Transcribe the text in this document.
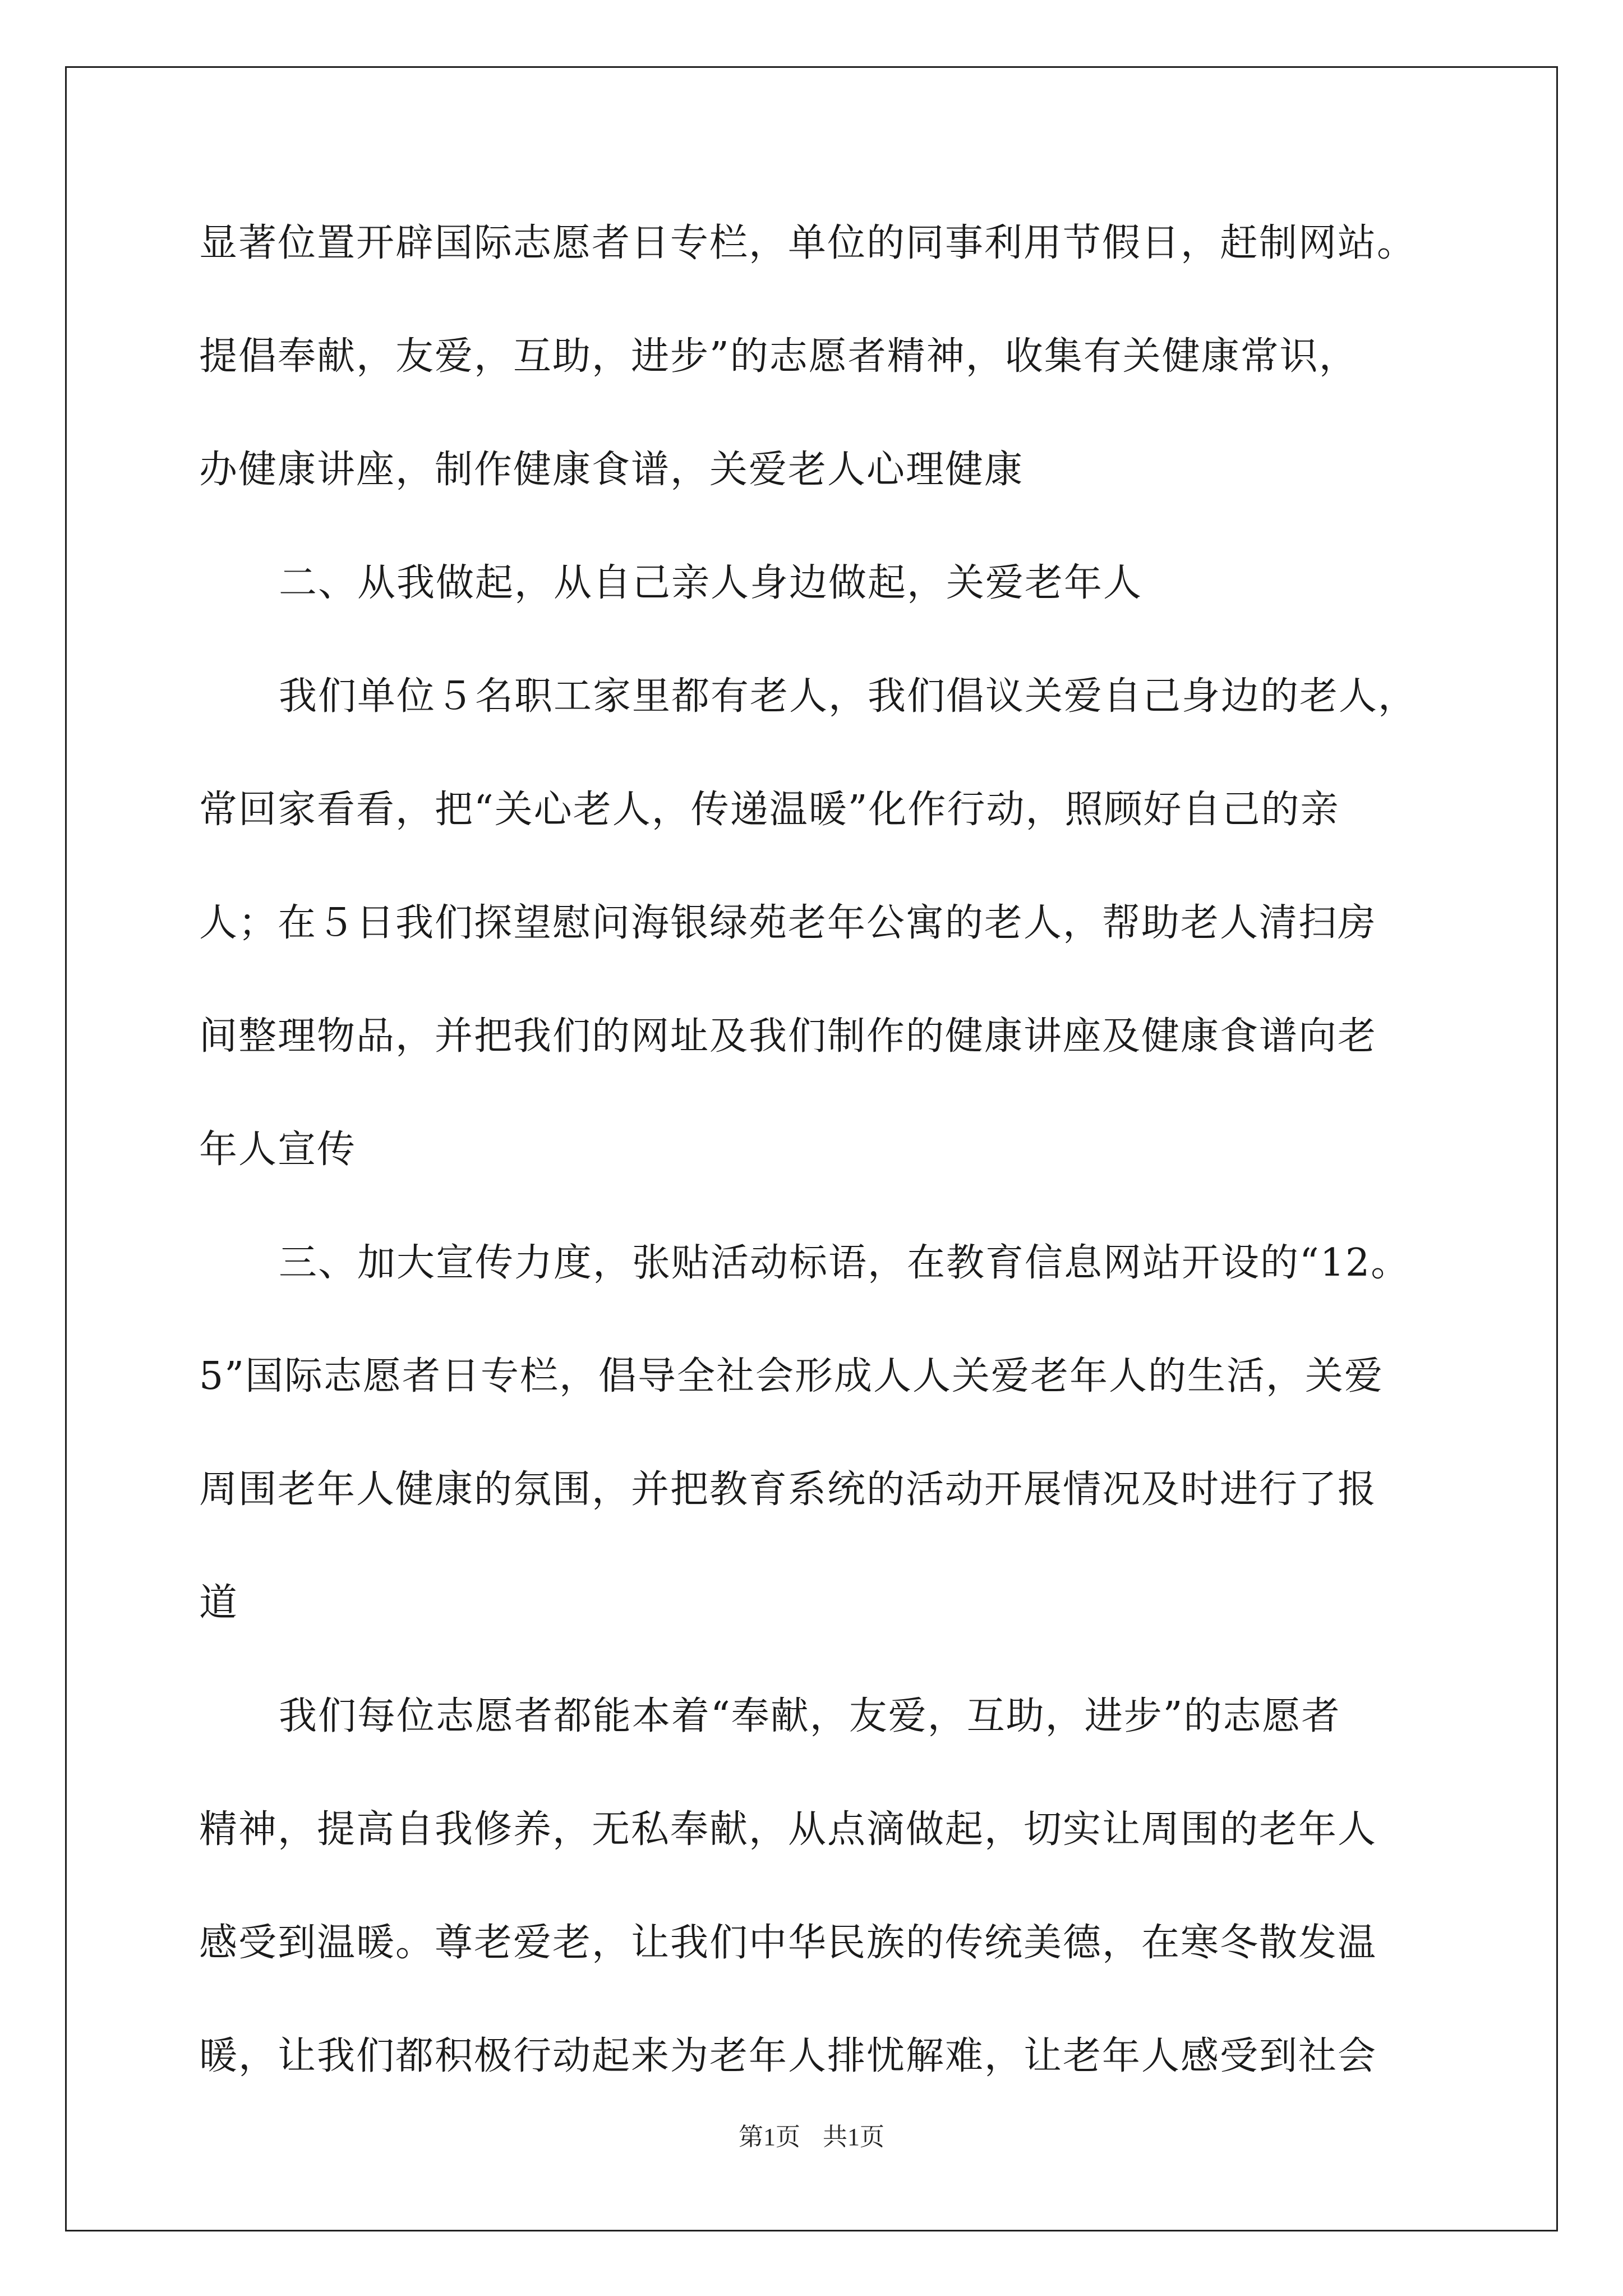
显著位置开辟国际志愿者日专栏，单位的同事利用节假日，赶制网站。

提倡奉献，友爱，互助，进步”的志愿者精神，收集有关健康常识，

办健康讲座，制作健康食谱，关爱老人心理健康

二、从我做起，从自己亲人身边做起，关爱老年人

我们单位５名职工家里都有老人，我们倡议关爱自己身边的老人，

常回家看看，把“关心老人，传递温暖”化作行动，照顾好自己的亲

人；在５日我们探望慰问海银绿苑老年公寓的老人，帮助老人清扫房

间整理物品，并把我们的网址及我们制作的健康讲座及健康食谱向老

年人宣传

三、加大宣传力度，张贴活动标语，在教育信息网站开设的“12。

5”国际志愿者日专栏，倡导全社会形成人人关爱老年人的生活，关爱

周围老年人健康的氛围，并把教育系统的活动开展情况及时进行了报

道

我们每位志愿者都能本着“奉献，友爱，互助，进步”的志愿者

精神，提高自我修养，无私奉献，从点滴做起，切实让周围的老年人

感受到温暖。尊老爱老，让我们中华民族的传统美德，在寒冬散发温

暖，让我们都积极行动起来为老年人排忧解难，让老年人感受到社会

第1页 共1页
